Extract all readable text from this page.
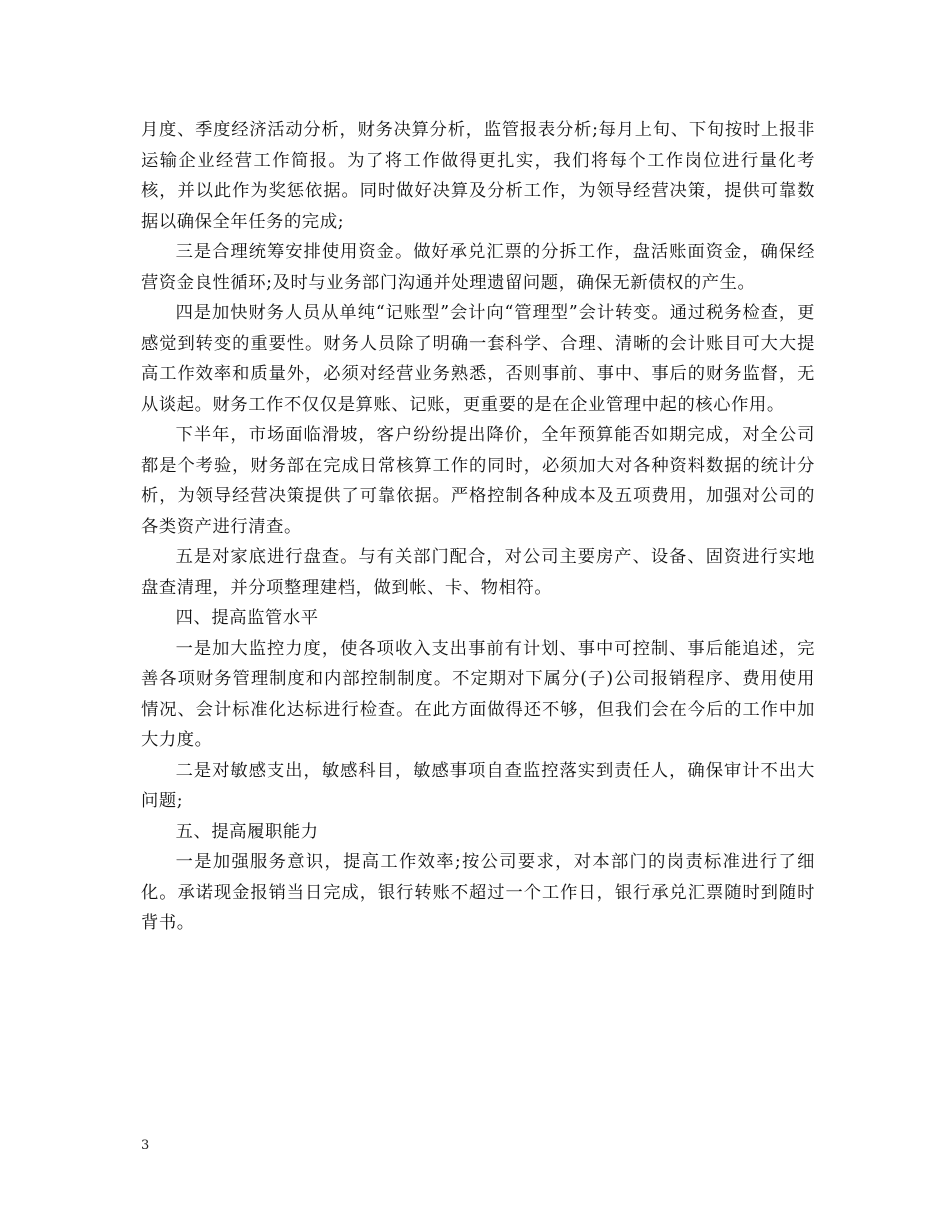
月度、季度经济活动分析，财务决算分析，监管报表分析;每月上旬、下旬按时上报非运输企业经营工作简报。为了将工作做得更扎实，我们将每个工作岗位进行量化考核，并以此作为奖惩依据。同时做好决算及分析工作，为领导经营决策，提供可靠数据以确保全年任务的完成;

三是合理统筹安排使用资金。做好承兑汇票的分拆工作，盘活账面资金，确保经营资金良性循环;及时与业务部门沟通并处理遗留问题，确保无新债权的产生。

四是加快财务人员从单纯“记账型”会计向“管理型”会计转变。通过税务检查，更感觉到转变的重要性。财务人员除了明确一套科学、合理、清晰的会计账目可大大提高工作效率和质量外，必须对经营业务熟悉，否则事前、事中、事后的财务监督，无从谈起。财务工作不仅仅是算账、记账，更重要的是在企业管理中起的核心作用。

下半年，市场面临滑坡，客户纷纷提出降价，全年预算能否如期完成，对全公司都是个考验，财务部在完成日常核算工作的同时，必须加大对各种资料数据的统计分析，为领导经营决策提供了可靠依据。严格控制各种成本及五项费用，加强对公司的各类资产进行清查。

五是对家底进行盘查。与有关部门配合，对公司主要房产、设备、固资进行实地盘查清理，并分项整理建档，做到帐、卡、物相符。

四、提高监管水平

一是加大监控力度，使各项收入支出事前有计划、事中可控制、事后能追述，完善各项财务管理制度和内部控制制度。不定期对下属分(子)公司报销程序、费用使用情况、会计标准化达标进行检查。在此方面做得还不够，但我们会在今后的工作中加大力度。

二是对敏感支出，敏感科目，敏感事项自查监控落实到责任人，确保审计不出大问题;

五、提高履职能力

一是加强服务意识，提高工作效率;按公司要求，对本部门的岗责标准进行了细化。承诺现金报销当日完成，银行转账不超过一个工作日，银行承兑汇票随时到随时背书。

3
